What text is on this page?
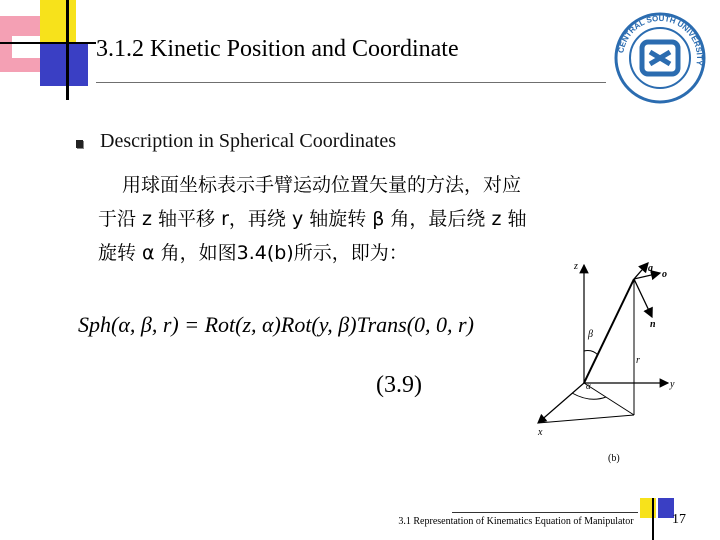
3.1.2 Kinetic Position and Coordinate	CENTRAL SOUTH UNIVERSITY
Description in Spherical Coordinates
用球面坐标表示手臂运动位置矢量的方法，对应
于沿 z 轴平移 r，再绕 y 轴旋转 β 角，最后绕 z 轴
旋转 α 角，如图3.4(b)所示，即为：
Sph(α, β, r) = Rot(z, α)Rot(y, β)Trans(0, 0, r)
(3.9)
z
y
x
a
o
n
β
α
r
(b)
3.1 Representation of Kinematics Equation of Manipulator	17
